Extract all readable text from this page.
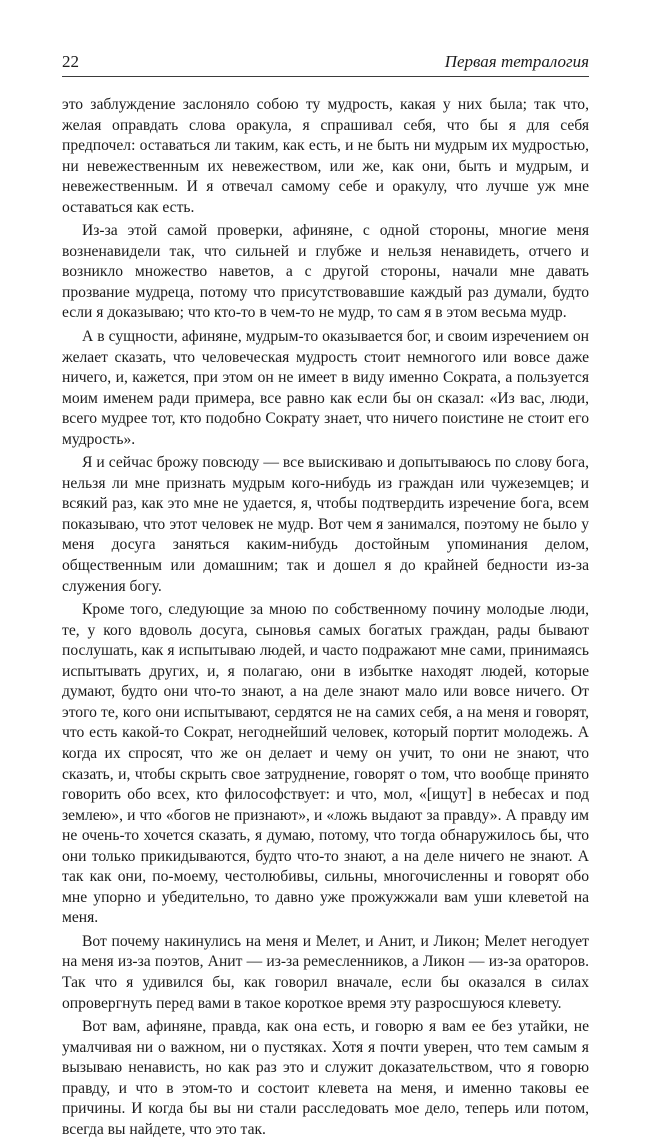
22	Первая тетралогия

это заблуждение заслоняло собою ту мудрость, какая у них была; так что, желая оправдать слова оракула, я спрашивал себя, что бы я для себя предпочел: оставаться ли таким, как есть, и не быть ни мудрым их мудростью, ни невежественным их невежеством, или же, как они, быть и мудрым, и невежественным. И я отвечал самому себе и оракулу, что лучше уж мне оставаться как есть.

Из-за этой самой проверки, афиняне, с одной стороны, многие меня возненавидели так, что сильней и глубже и нельзя ненавидеть, отчего и возникло множество наветов, а с другой стороны, начали мне давать прозвание мудреца, потому что присутствовавшие каждый раз думали, будто если я доказываю; что кто-то в чем-то не мудр, то сам я в этом весьма мудр.

А в сущности, афиняне, мудрым-то оказывается бог, и своим изречением он желает сказать, что человеческая мудрость стоит немногого или вовсе даже ничего, и, кажется, при этом он не имеет в виду именно Сократа, а пользуется моим именем ради примера, все равно как если бы он сказал: «Из вас, люди, всего мудрее тот, кто подобно Сократу знает, что ничего поистине не стоит его мудрость».

Я и сейчас брожу повсюду — все выискиваю и допытываюсь по слову бога, нельзя ли мне признать мудрым кого-нибудь из граждан или чужеземцев; и всякий раз, как это мне не удается, я, чтобы подтвердить изречение бога, всем показываю, что этот человек не мудр. Вот чем я занимался, поэтому не было у меня досуга заняться каким-нибудь достойным упоминания делом, общественным или домашним; так и дошел я до крайней бедности из-за служения богу.

Кроме того, следующие за мною по собственному почину молодые люди, те, у кого вдоволь досуга, сыновья самых богатых граждан, рады бывают послушать, как я испытываю людей, и часто подражают мне сами, принимаясь испытывать других, и, я полагаю, они в избытке находят людей, которые думают, будто они что-то знают, а на деле знают мало или вовсе ничего. От этого те, кого они испытывают, сердятся не на самих себя, а на меня и говорят, что есть какой-то Сократ, негоднейший человек, который портит молодежь. А когда их спросят, что же он делает и чему он учит, то они не знают, что сказать, и, чтобы скрыть свое затруднение, говорят о том, что вообще принято говорить обо всех, кто философствует: и что, мол, «[ищут] в небесах и под землею», и что «богов не признают», и «ложь выдают за правду». А правду им не очень-то хочется сказать, я думаю, потому, что тогда обнаружилось бы, что они только прикидываются, будто что-то знают, а на деле ничего не знают. А так как они, по-моему, честолюбивы, сильны, многочисленны и говорят обо мне упорно и убедительно, то давно уже прожужжали вам уши клеветой на меня.

Вот почему накинулись на меня и Мелет, и Анит, и Ликон; Мелет негодует на меня из-за поэтов, Анит — из-за ремесленников, а Ликон — из-за ораторов. Так что я удивился бы, как говорил вначале, если бы оказался в силах опровергнуть перед вами в такое короткое время эту разросшуюся клевету.

Вот вам, афиняне, правда, как она есть, и говорю я вам ее без утайки, не умалчивая ни о важном, ни о пустяках. Хотя я почти уверен, что тем самым я вызываю ненависть, но как раз это и служит доказательством, что я говорю правду, и что в этом-то и состоит клевета на меня, и именно таковы ее причины. И когда бы вы ни стали расследовать мое дело, теперь или потом, всегда вы найдете, что это так.
